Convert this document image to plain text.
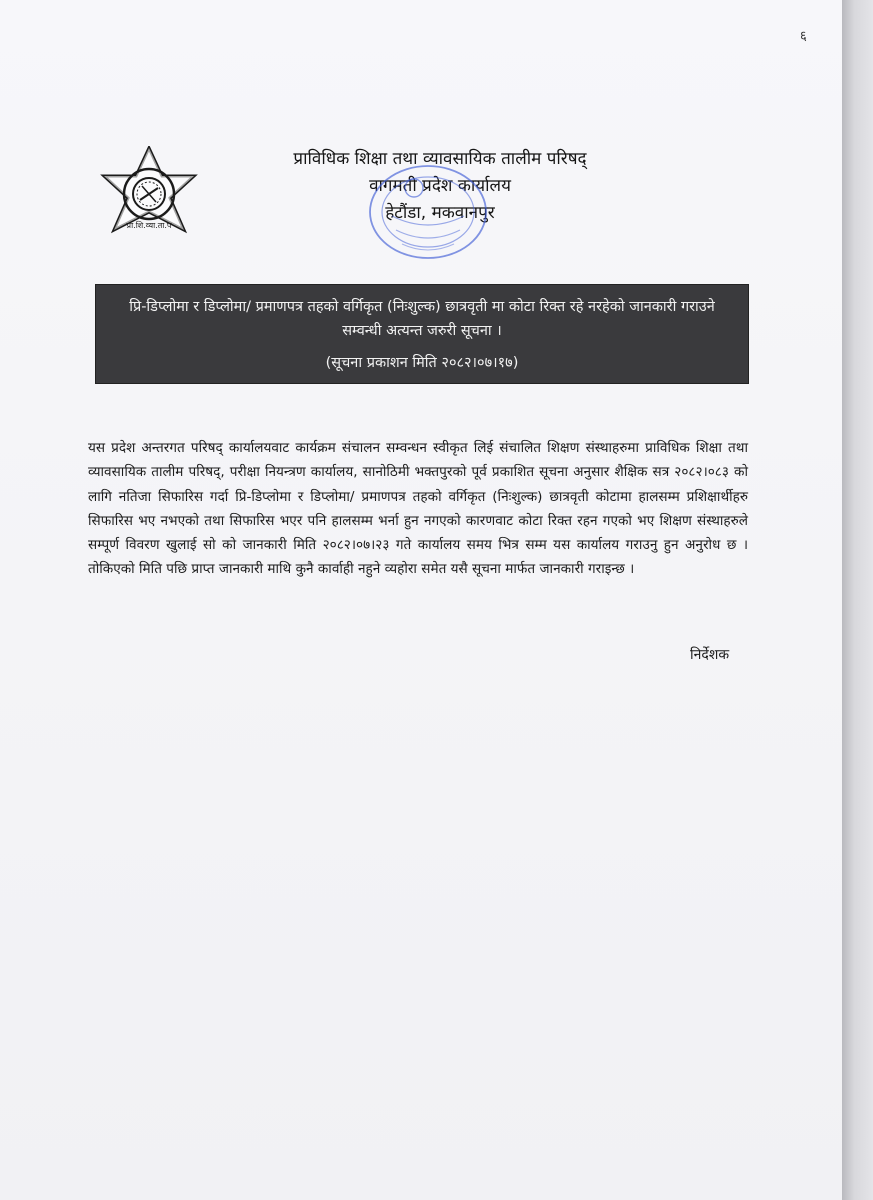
६
प्रा.शि.व्या.ता.प
प्राविधिक शिक्षा तथा व्यावसायिक तालीम परिषद्
वागमती प्रदेश कार्यालय
हेटौंडा, मकवानपुर
प्रि-डिप्लोमा र डिप्लोमा/ प्रमाणपत्र तहको वर्गिकृत (निःशुल्क) छात्रवृती मा कोटा रिक्त रहे नरहेको जानकारी गराउने सम्वन्धी अत्यन्त जरुरी सूचना ।
(सूचना प्रकाशन मिति २०८२।०७।१७)
यस प्रदेश अन्तरगत परिषद् कार्यालयवाट कार्यक्रम संचालन सम्वन्धन स्वीकृत लिई संचालित शिक्षण संस्थाहरुमा प्राविधिक शिक्षा तथा व्यावसायिक तालीम परिषद्, परीक्षा नियन्त्रण कार्यालय, सानोठिमी भक्तपुरको पूर्व प्रकाशित सूचना अनुसार शैक्षिक सत्र २०८२।०८३ को लागि नतिजा सिफारिस गर्दा प्रि-डिप्लोमा र डिप्लोमा/ प्रमाणपत्र तहको वर्गिकृत (निःशुल्क) छात्रवृती कोटामा हालसम्म प्रशिक्षार्थीहरु सिफारिस भए नभएको तथा सिफारिस भएर पनि हालसम्म भर्ना हुन नगएको कारणवाट कोटा रिक्त रहन गएको भए शिक्षण संस्थाहरुले सम्पूर्ण विवरण खुलाई सो को जानकारी मिति २०८२।०७।२३ गते कार्यालय समय भित्र सम्म यस कार्यालय गराउनु हुन अनुरोध छ । तोकिएको मिति पछि प्राप्त जानकारी माथि कुनै कार्वाही नहुने व्यहोरा समेत यसै सूचना मार्फत जानकारी गराइन्छ ।
निर्देशक
